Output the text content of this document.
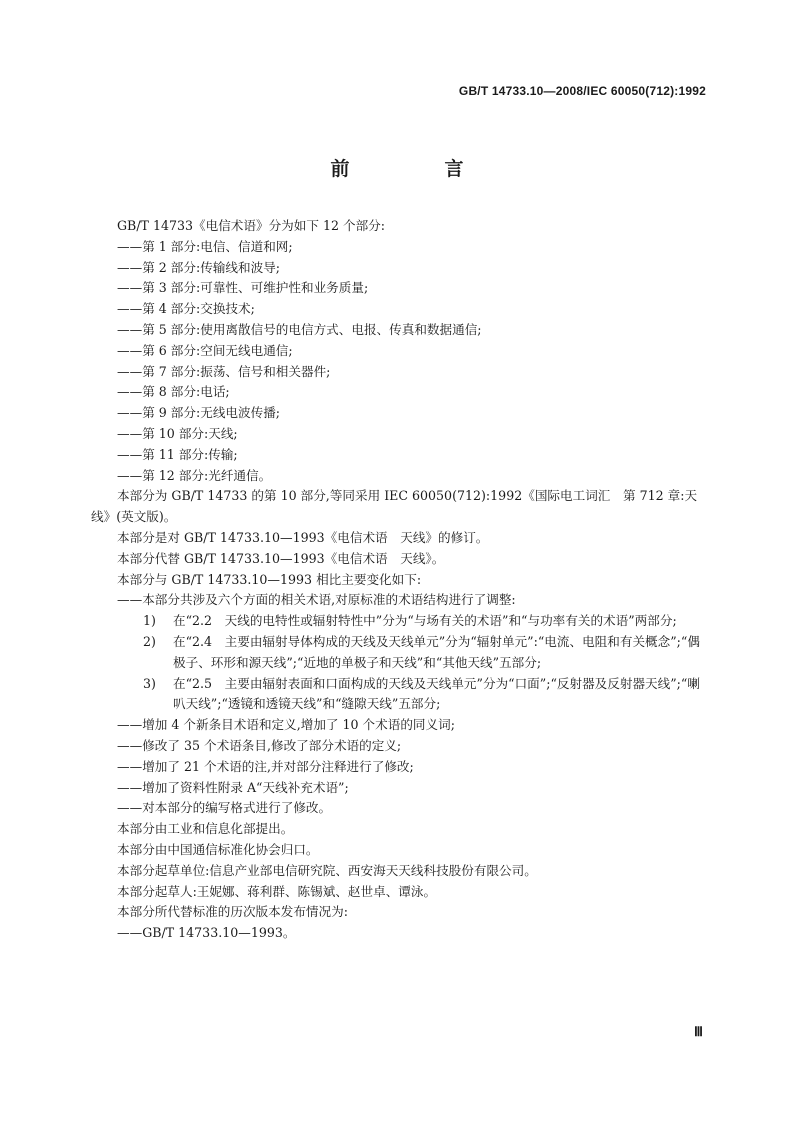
GB/T 14733.10—2008/IEC 60050(712):1992
前　言

GB/T 14733《电信术语》分为如下 12 个部分:

——第 1 部分:电信、信道和网;

——第 2 部分:传输线和波导;

——第 3 部分:可靠性、可维护性和业务质量;

——第 4 部分:交换技术;

——第 5 部分:使用离散信号的电信方式、电报、传真和数据通信;

——第 6 部分:空间无线电通信;

——第 7 部分:振荡、信号和相关器件;

——第 8 部分:电话;

——第 9 部分:无线电波传播;

——第 10 部分:天线;

——第 11 部分:传输;

——第 12 部分:光纤通信。

本部分为 GB/T 14733 的第 10 部分,等同采用 IEC 60050(712):1992《国际电工词汇　第 712 章:天线》(英文版)。

本部分是对 GB/T 14733.10—1993《电信术语　天线》的修订。

本部分代替 GB/T 14733.10—1993《电信术语　天线》。

本部分与 GB/T 14733.10—1993 相比主要变化如下:

——本部分共涉及六个方面的相关术语,对原标准的术语结构进行了调整:

1) 在“2.2　天线的电特性或辐射特性中”分为“与场有关的术语”和“与功率有关的术语”两部分;

2) 在“2.4　主要由辐射导体构成的天线及天线单元”分为“辐射单元”:“电流、电阻和有关概念”;“偶极子、环形和源天线”;“近地的单极子和天线”和“其他天线”五部分;

3) 在“2.5　主要由辐射表面和口面构成的天线及天线单元”分为“口面”;“反射器及反射器天线”;“喇叭天线”;“透镜和透镜天线”和“缝隙天线”五部分;

——增加 4 个新条目术语和定义,增加了 10 个术语的同义词;

——修改了 35 个术语条目,修改了部分术语的定义;

——增加了 21 个术语的注,并对部分注释进行了修改;

——增加了资料性附录 A“天线补充术语”;

——对本部分的编写格式进行了修改。

本部分由工业和信息化部提出。

本部分由中国通信标准化协会归口。

本部分起草单位:信息产业部电信研究院、西安海天天线科技股份有限公司。

本部分起草人:王妮娜、蒋利群、陈锡斌、赵世卓、谭泳。

本部分所代替标准的历次版本发布情况为:

——GB/T 14733.10—1993。

Ⅲ
